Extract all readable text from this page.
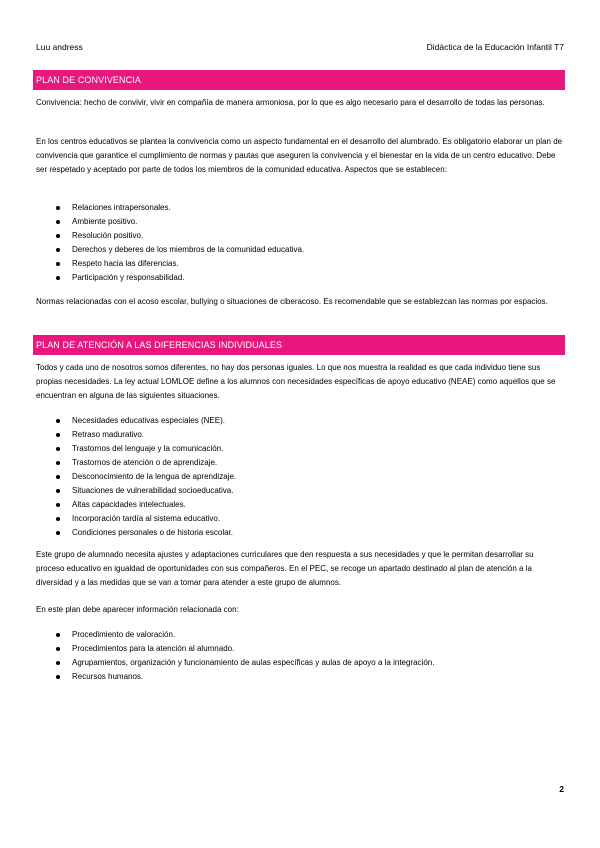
Luu andress	Didáctica de la Educación Infantil T7
PLAN DE CONVIVENCIA

Convivencia: hecho de convivir, vivir en compañía de manera armoniosa, por lo que es algo necesario para el desarrollo de todas las personas.

En los centros educativos se plantea la convivencia como un aspecto fundamental en el desarrollo del alumbrado. Es obligatorio elaborar un plan de convivencia que garantice el cumplimiento de normas y pautas que aseguren la convivencia y el bienestar en la vida de un centro educativo. Debe ser respetado y aceptado por parte de todos los miembros de la comunidad educativa. Aspectos que se establecen:

Relaciones intrapersonales.
Ambiente positivo.
Resolución positivo.
Derechos y deberes de los miembros de la comunidad educativa.
Respeto hacia las diferencias.
Participación y responsabilidad.

Normas relacionadas con el acoso escolar, bullying o situaciones de ciberacoso. Es recomendable que se establezcan las normas por espacios.

PLAN DE ATENCIÓN A LAS DIFERENCIAS INDIVIDUALES

Todos y cada uno de nosotros somos diferentes, no hay dos personas iguales. Lo que nos muestra la realidad es que cada individuo tiene sus propias necesidades. La ley actual LOMLOE define a los alumnos con necesidades específicas de apoyo educativo (NEAE) como aquellos que se encuentran en alguna de las siguientes situaciones.

Necesidades educativas especiales (NEE).
Retraso madurativo.
Trastornos del lenguaje y la comunicación.
Trastornos de atención o de aprendizaje.
Desconocimiento de la lengua de aprendizaje.
Situaciones de vulnerabilidad socioeducativa.
Altas capacidades intelectuales.
Incorporación tardía al sistema educativo.
Condiciones personales o de historia escolar.

Este grupo de alumnado necesita ajustes y adaptaciones curriculares que den respuesta a sus necesidades y que le permitan desarrollar su proceso educativo en igualdad de oportunidades con sus compañeros. En el PEC, se recoge un apartado destinado al plan de atención a la diversidad y a las medidas que se van a tomar para atender a este grupo de alumnos.

En este plan debe aparecer información relacionada con:

Procedimiento de valoración.
Procedimientos para la atención al alumnado.
Agrupamientos, organización y funcionamiento de aulas específicas y aulas de apoyo a la integración.
Recursos humanos.
2
